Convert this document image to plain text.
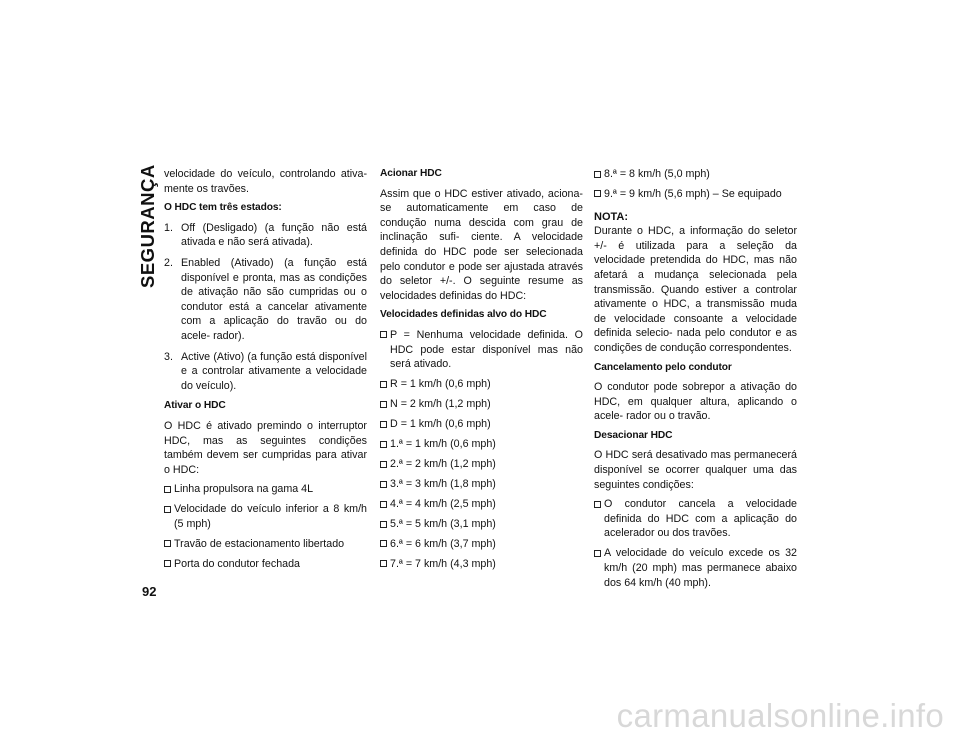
SEGURANÇA
92

velocidade do veículo, controlando ativa- mente os travões.

O HDC tem três estados:
1. Off (Desligado) (a função não está ativada e não será ativada).
2. Enabled (Ativado) (a função está disponível e pronta, mas as condições de ativação não são cumpridas ou o condutor está a cancelar ativamente com a aplicação do travão ou do acele- rador).
3. Active (Ativo) (a função está disponível e a controlar ativamente a velocidade do veículo).
Ativar o HDC

O HDC é ativado premindo o interruptor HDC, mas as seguintes condições também devem ser cumpridas para ativar o HDC:

Linha propulsora na gama 4L
Velocidade do veículo inferior a 8 km/h (5 mph)
Travão de estacionamento libertado
Porta do condutor fechada
Acionar HDC

Assim que o HDC estiver ativado, aciona-se automaticamente em caso de condução numa descida com grau de inclinação sufi- ciente. A velocidade definida do HDC pode ser selecionada pelo condutor e pode ser ajustada através do seletor +/-. O seguinte resume as velocidades definidas do HDC:

Velocidades definidas alvo do HDC
P = Nenhuma velocidade definida. O HDC pode estar disponível mas não será ativado.
R = 1 km/h (0,6 mph)
N = 2 km/h (1,2 mph)
D = 1 km/h (0,6 mph)
1.ª = 1 km/h (0,6 mph)
2.ª = 2 km/h (1,2 mph)
3.ª = 3 km/h (1,8 mph)
4.ª = 4 km/h (2,5 mph)
5.ª = 5 km/h (3,1 mph)
6.ª = 6 km/h (3,7 mph)
7.ª = 7 km/h (4,3 mph)
8.ª = 8 km/h (5,0 mph)
9.ª = 9 km/h (5,6 mph) – Se equipado
NOTA:

Durante o HDC, a informação do seletor +/- é utilizada para a seleção da velocidade pretendida do HDC, mas não afetará a mudança selecionada pela transmissão. Quando estiver a controlar ativamente o HDC, a transmissão muda de velocidade consoante a velocidade definida selecio- nada pelo condutor e as condições de condução correspondentes.

Cancelamento pelo condutor

O condutor pode sobrepor a ativação do HDC, em qualquer altura, aplicando o acele- rador ou o travão.

Desacionar HDC

O HDC será desativado mas permanecerá disponível se ocorrer qualquer uma das seguintes condições:

O condutor cancela a velocidade definida do HDC com a aplicação do acelerador ou dos travões.
A velocidade do veículo excede os 32 km/h (20 mph) mas permanece abaixo dos 64 km/h (40 mph).
carmanualsonline.info
